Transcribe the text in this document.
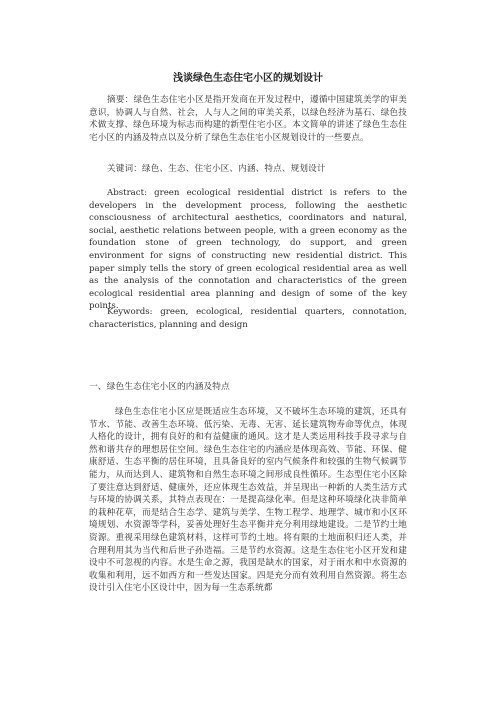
浅谈绿色生态住宅小区的规划设计

摘要：绿色生态住宅小区是指开发商在开发过程中，遵循中国建筑美学的审美意识，协调人与自然、社会，人与人之间的审美关系，以绿色经济为基石、绿色技术做支撑、绿色环境为标志而构建的新型住宅小区。本文简单的讲述了绿色生态住宅小区的内涵及特点以及分析了绿色生态住宅小区规划设计的一些要点。

关键词：绿色、生态、住宅小区、内涵、特点、规划设计

Abstract: green ecological residential district is refers to the developers in the development process, following the aesthetic consciousness of architectural aesthetics, coordinators and natural, social, aesthetic relations between people, with a green economy as the foundation stone of green technology, do support, and green environment for signs of constructing new residential district. This paper simply tells the story of green ecological residential area as well as the analysis of the connotation and characteristics of the green ecological residential area planning and design of some of the key points.

Keywords: green, ecological, residential quarters, connotation, characteristics, planning and design

一、绿色生态住宅小区的内涵及特点

绿色生态住宅小区应是既适应生态环境，又不破坏生态环境的建筑，还具有节水、节能、改善生态环境、低污染、无毒、无害、延长建筑物寿命等优点，体现人格化的设计，拥有良好的和有益健康的通风。这才是人类运用科技手段寻求与自然和谐共存的理想居住空间。绿色生态住宅的内涵应是体现高效、节能、环保、健康舒适、生态平衡的居住环境，且具备良好的室内气候条件和较强的生物气候调节能力，从而达到人、建筑物和自然生态环境之间形成良性循环。生态型住宅小区除了要注意达到舒适、健康外，还应体现生态效益，并呈现出一种新的人类生活方式与环境的协调关系，其特点表现在：一是提高绿化率。但是这种环境绿化决非简单的栽种花草，而是结合生态学、建筑与美学、生物工程学、地理学、城市和小区环境规划、水资源等学科，妥善处理好生态平衡并充分利用绿地建设。二是节约土地资源。重视采用绿色建筑材料，这样可节约土地。将有限的土地面积归还人类，并合理利用其为当代和后世子孙造福。三是节约水资源。这是生态住宅小区开发和建设中不可忽视的内容。水是生命之源，我国是缺水的国家，对于雨水和中水资源的收集和利用，远不如西方和一些发达国家。四是充分而有效利用自然资源。将生态设计引入住宅小区设计中，因为每一生态系统都
